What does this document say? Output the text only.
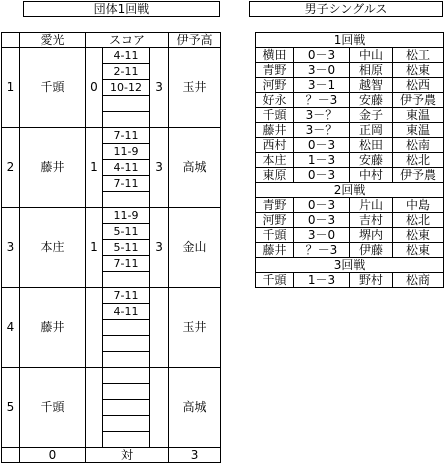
団体1回戦	男子シングルス
	愛光	スコア			伊予高
1	千頭	0	4-11	3	玉井
			2-11		
			10-12		

2	藤井	1	7-11	3	高城
			11-9		
			4-11		
			7-11		

3	本庄	1	11-9	3	金山
			5-11		
			5-11		
			7-11		

4	藤井		7-11		玉井
			4-11		

5	千頭				高城

	0	対			3
1回戦			
横田	0－3	中山	松工
青野	3－0	相原	松東
河野	3－1	越智	松西
好永	？－3	安藤	伊予農
千頭	3－？	金子	東温
藤井	3－？	正岡	東温
西村	0－3	松田	松南
本庄	1－3	安藤	松北
東原	0－3	中村	伊予農
2回戦			
青野	0－3	片山	中島
河野	0－3	吉村	松北
千頭	3－0	堺内	松東
藤井	？－3	伊藤	松東
3回戦			
千頭	1－3	野村	松商
